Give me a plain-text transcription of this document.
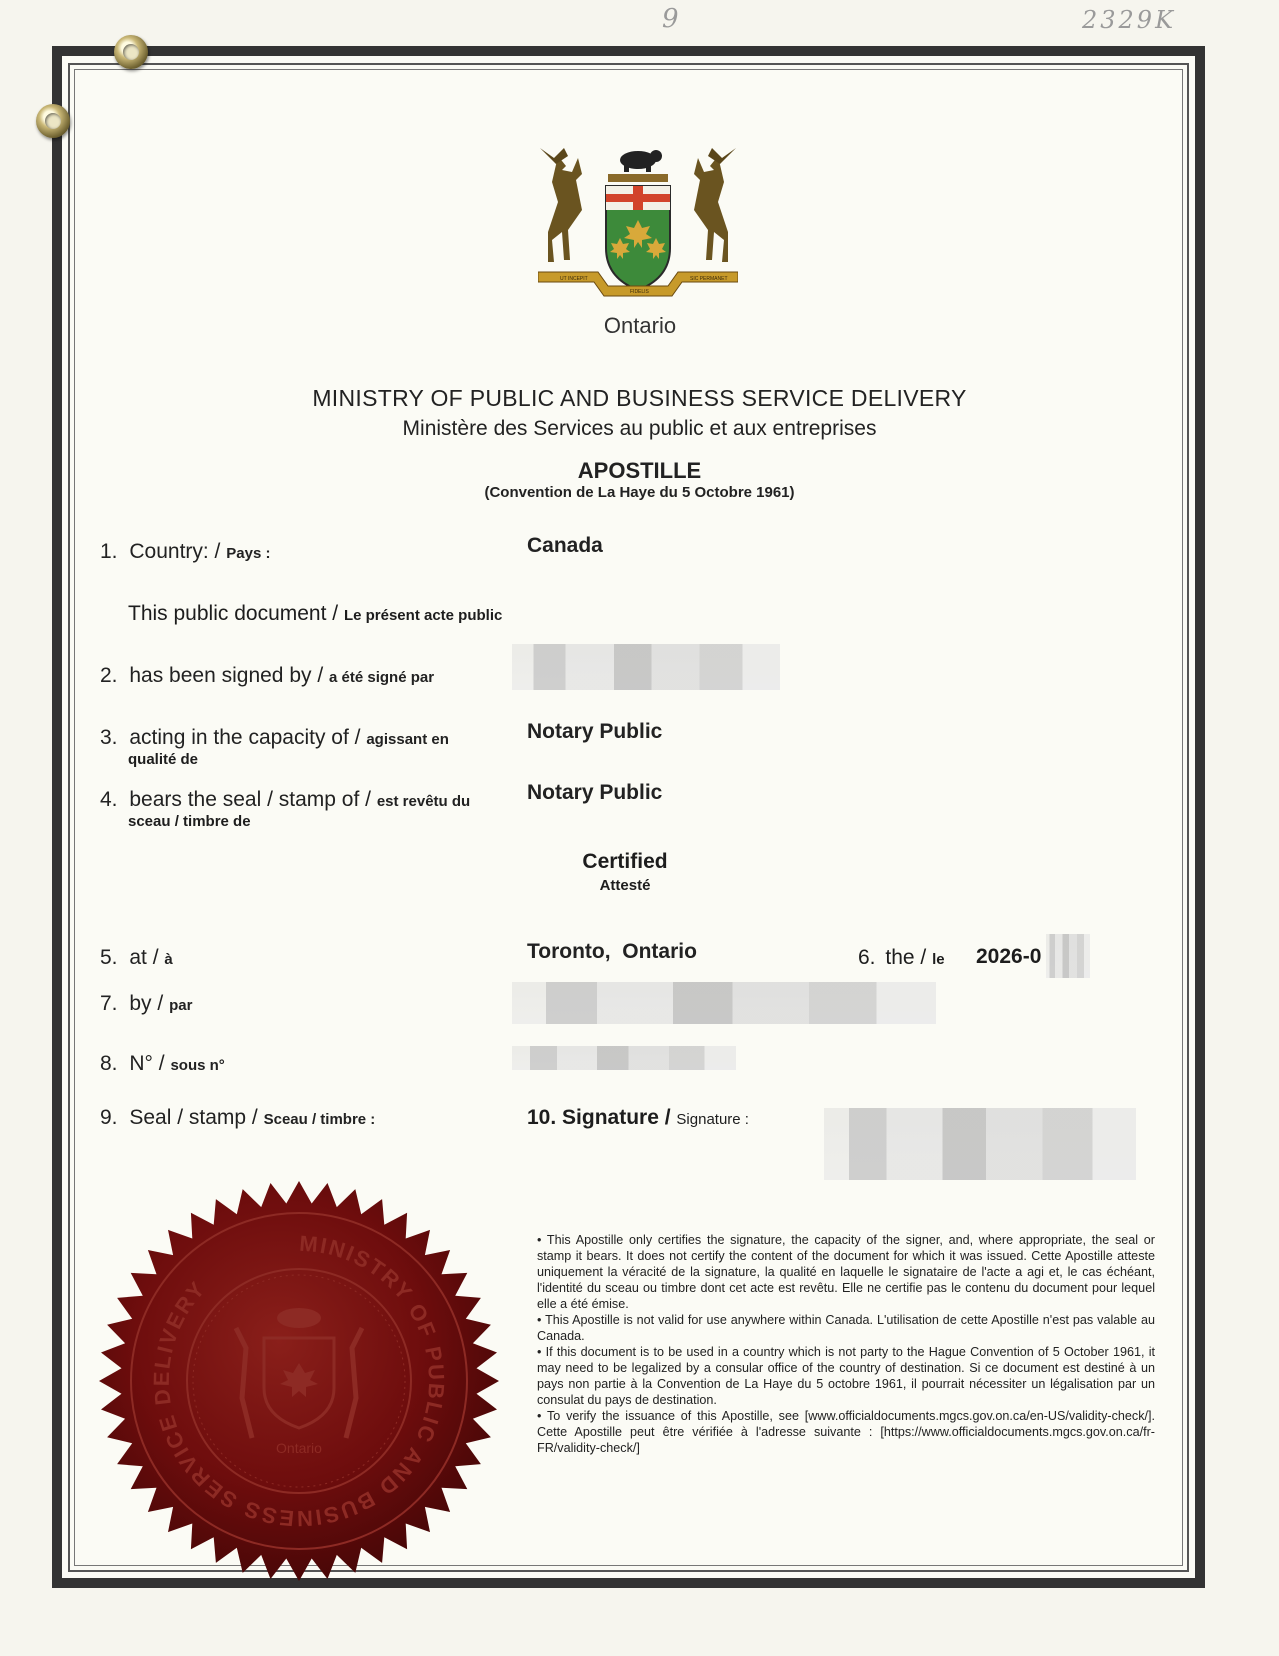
2329K
9
UT INCEPIT
FIDELIS
SIC PERMANET
Ontario
MINISTRY OF PUBLIC AND BUSINESS SERVICE DELIVERY
Ministère des Services au public et aux entreprises
APOSTILLE
(Convention de La Haye du 5 Octobre 1961)
1. Country: / Pays :	Canada
This public document / Le présent acte public
2. has been signed by / a été signé par
3. acting in the capacity of / agissant en
qualité de
Notary Public
4. bears the seal / stamp of / est revêtu du
sceau / timbre de
Notary Public
Certified
Attesté
5. at / à	Toronto,  Ontario	6. the / le 2026-0
7. by / par
8. N° / sous n°
9. Seal / stamp / Sceau / timbre :	10. Signature / Signature :

• This Apostille only certifies the signature, the capacity of the signer, and, where appropriate, the seal or stamp it bears. It does not certify the content of the document for which it was issued. Cette Apostille atteste uniquement la véracité de la signature, la qualité en laquelle le signataire de l'acte a agi et, le cas échéant, l'identité du sceau ou timbre dont cet acte est revêtu. Elle ne certifie pas le contenu du document pour lequel elle a été émise.

• This Apostille is not valid for use anywhere within Canada. L'utilisation de cette Apostille n'est pas valable au Canada.

• If this document is to be used in a country which is not party to the Hague Convention of 5 October 1961, it may need to be legalized by a consular office of the country of destination. Si ce document est destiné à un pays non partie à la Convention de La Haye du 5 octobre 1961, il pourrait nécessiter un légalisation par un consulat du pays de destination.

• To verify the issuance of this Apostille, see [www.officialdocuments.mgcs.gov.on.ca/en-US/validity-check/]. Cette Apostille peut être vérifiée à l'adresse suivante : [https://www.officialdocuments.mgcs.gov.on.ca/fr-FR/validity-check/]

MINISTRY OF PUBLIC AND BUSINESS SERVICE DELIVERY
Ontario
